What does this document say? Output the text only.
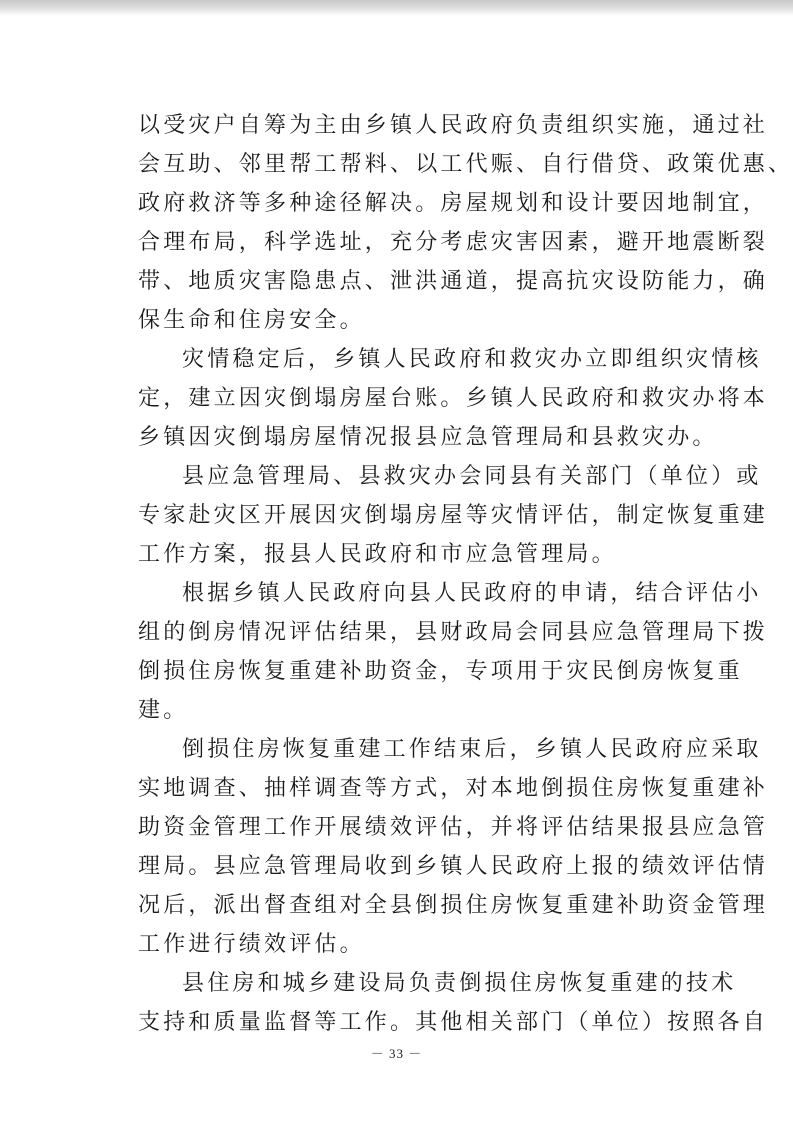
以受灾户自筹为主由乡镇人民政府负责组织实施，通过社
会互助、邻里帮工帮料、以工代赈、自行借贷、政策优惠、
政府救济等多种途径解决。房屋规划和设计要因地制宜，
合理布局，科学选址，充分考虑灾害因素，避开地震断裂
带、地质灾害隐患点、泄洪通道，提高抗灾设防能力，确
保生命和住房安全。
灾情稳定后，乡镇人民政府和救灾办立即组织灾情核
定，建立因灾倒塌房屋台账。乡镇人民政府和救灾办将本
乡镇因灾倒塌房屋情况报县应急管理局和县救灾办。
县应急管理局、县救灾办会同县有关部门（单位）或
专家赴灾区开展因灾倒塌房屋等灾情评估，制定恢复重建
工作方案，报县人民政府和市应急管理局。
根据乡镇人民政府向县人民政府的申请，结合评估小
组的倒房情况评估结果，县财政局会同县应急管理局下拨
倒损住房恢复重建补助资金，专项用于灾民倒房恢复重
建。
倒损住房恢复重建工作结束后，乡镇人民政府应采取
实地调查、抽样调查等方式，对本地倒损住房恢复重建补
助资金管理工作开展绩效评估，并将评估结果报县应急管
理局。县应急管理局收到乡镇人民政府上报的绩效评估情
况后，派出督查组对全县倒损住房恢复重建补助资金管理
工作进行绩效评估。
县住房和城乡建设局负责倒损住房恢复重建的技术
支持和质量监督等工作。其他相关部门（单位）按照各自
－ 33 －
